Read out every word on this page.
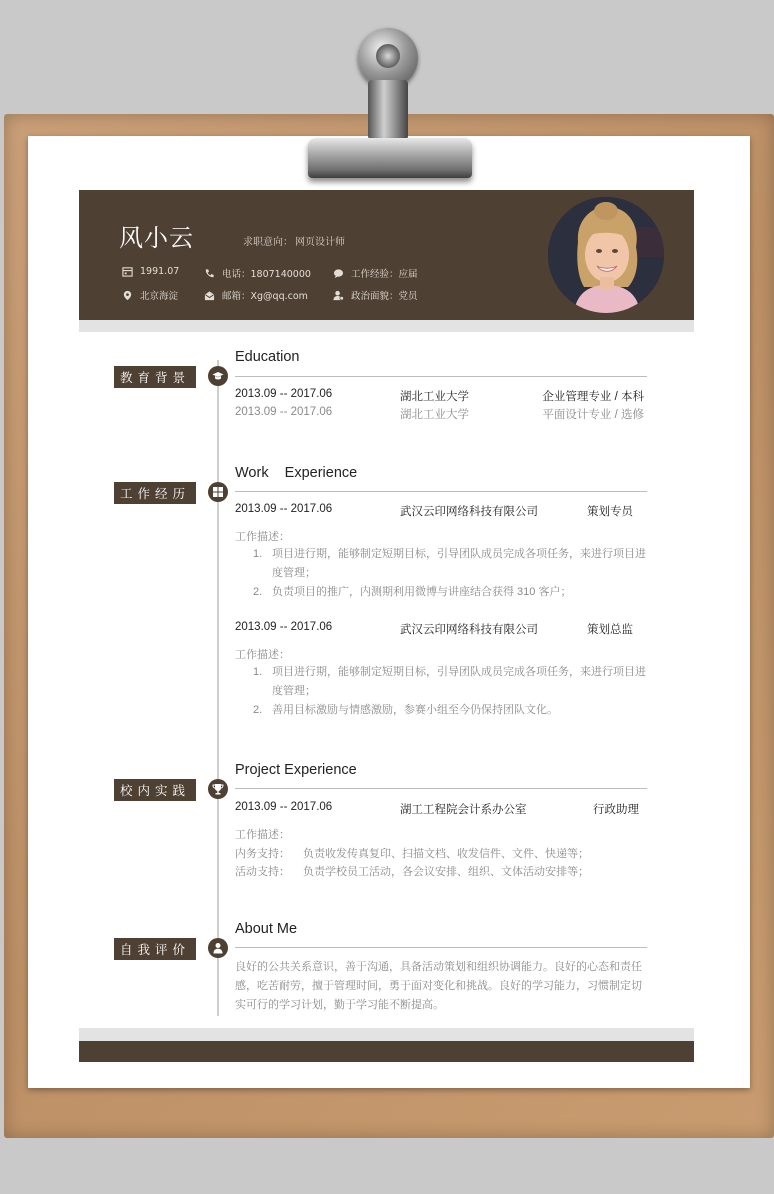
风小云	求职意向： 网页设计师
1991.07
北京海淀
电话：1807140000
邮箱：Xg@qq.com
工作经验：应届
政治面貌：党员
教育背景
Education
2013.09 -- 2017.06	湖北工业大学	企业管理专业 / 本科
2013.09 -- 2017.06	湖北工业大学	平面设计专业 / 选修
工作经历
Work    Experience
2013.09 -- 2017.06	武汉云印网络科技有限公司	策划专员
工作描述：
1. 项目进行期，能够制定短期目标，引导团队成员完成各项任务，来进行项目进度管理；
2. 负责项目的推广，内测期利用微博与讲座结合获得 310 客户；
2013.09 -- 2017.06	武汉云印网络科技有限公司	策划总监
工作描述：
1. 项目进行期，能够制定短期目标，引导团队成员完成各项任务，来进行项目进度管理；
2. 善用目标激励与情感激励，参赛小组至今仍保持团队文化。
校内实践
Project Experience
2013.09 -- 2017.06	湖工工程院会计系办公室	行政助理
工作描述：
内务支持： 负责收发传真复印、扫描文档、收发信件、文件、快递等；
活动支持： 负责学校员工活动，各会议安排、组织、文体活动安排等；
自我评价
About Me
良好的公共关系意识，善于沟通，具备活动策划和组织协调能力。良好的心态和责任感，吃苦耐劳，擅于管理时间，勇于面对变化和挑战。良好的学习能力，习惯制定切实可行的学习计划，勤于学习能不断提高。
